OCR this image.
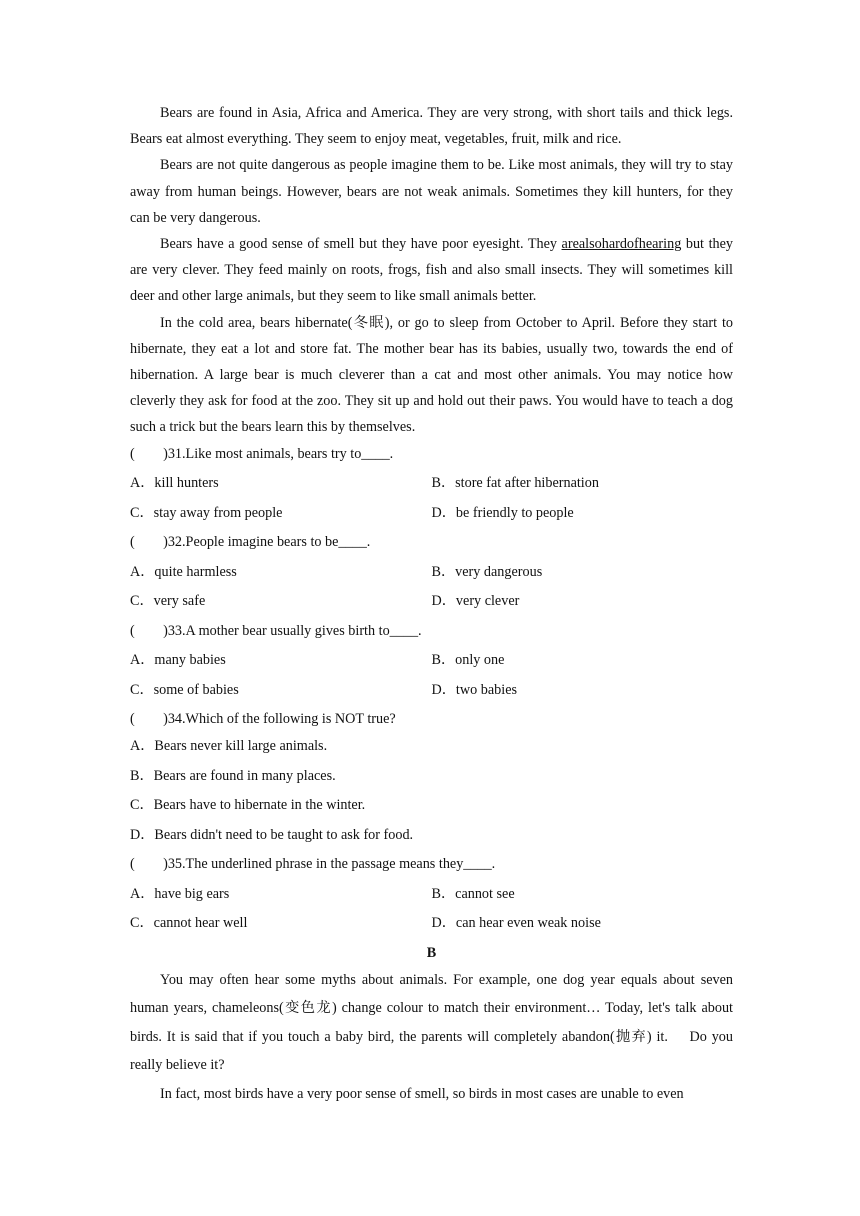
Bears are found in Asia, Africa and America. They are very strong, with short tails and thick legs. Bears eat almost everything. They seem to enjoy meat, vegetables, fruit, milk and rice.

Bears are not quite dangerous as people imagine them to be. Like most animals, they will try to stay away from human beings. However, bears are not weak animals. Sometimes they kill hunters, for they can be very dangerous.

Bears have a good sense of smell but they have poor eyesight. They arealsohardofhearing but they are very clever. They feed mainly on roots, frogs, fish and also small insects. They will sometimes kill deer and other large animals, but they seem to like small animals better.

In the cold area, bears hibernate(冬眠), or go to sleep from October to April. Before they start to hibernate, they eat a lot and store fat. The mother bear has its babies, usually two, towards the end of hibernation. A large bear is much cleverer than a cat and most other animals. You may notice how cleverly they ask for food at the zoo. They sit up and hold out their paws. You would have to teach a dog such a trick but the bears learn this by themselves.

(　　)31.Like most animals, bears try to____.
A．kill hunters	B．store fat after hibernation
C．stay away from people	D．be friendly to people
(　　)32.People imagine bears to be____.
A．quite harmless	B．very dangerous
C．very safe	D．very clever
(　　)33.A mother bear usually gives birth to____.
A．many babies	B．only one
C．some of babies	D．two babies
(　　)34.Which of the following is NOT true?
A．Bears never kill large animals.
B．Bears are found in many places.
C．Bears have to hibernate in the winter.
D．Bears didn't need to be taught to ask for food.
(　　)35.The underlined phrase in the passage means they____.
A．have big ears	B．cannot see
C．cannot hear well	D．can hear even weak noise
B

You may often hear some myths about animals. For example, one dog year equals about seven human years, chameleons(变色龙) change colour to match their environment… Today, let's talk about birds. It is said that if you touch a baby bird, the parents will completely abandon(抛弃) it.　 Do you really believe it?

In fact, most birds have a very poor sense of smell, so birds in most cases are unable to even
